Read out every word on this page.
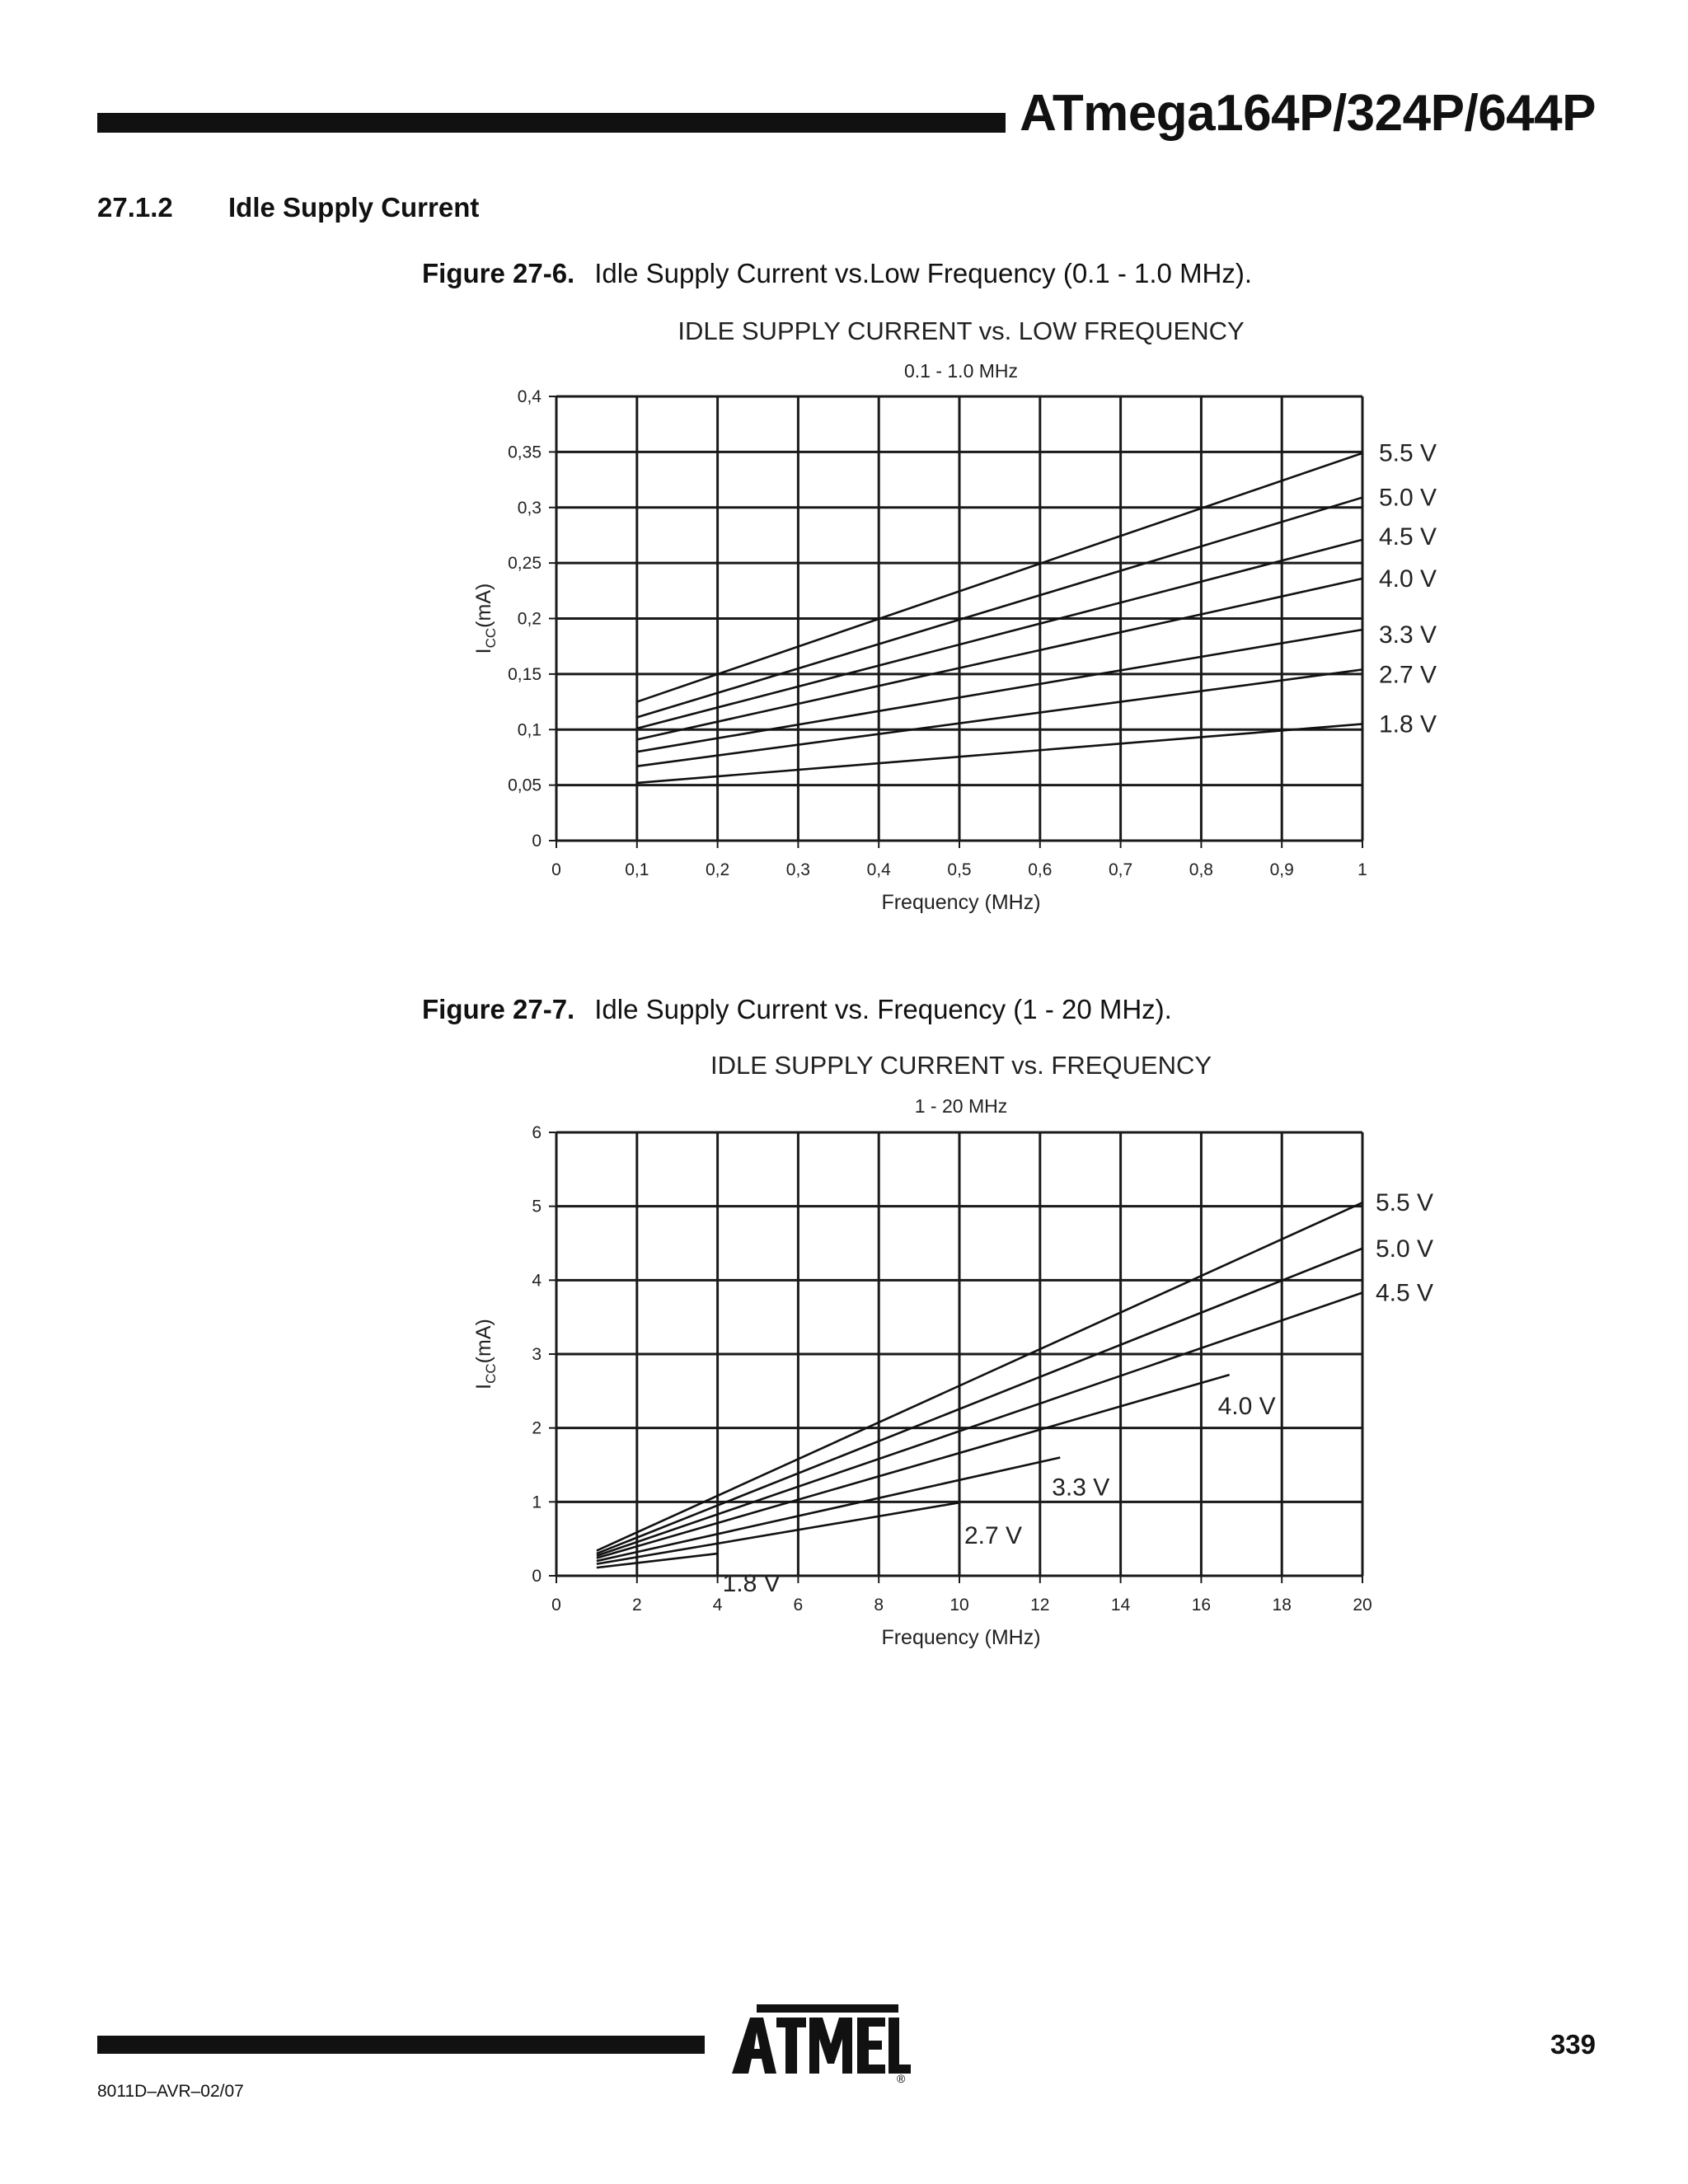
ATmega164P/324P/644P
27.1.2 Idle Supply Current
Figure 27-6. Idle Supply Current vs.Low Frequency (0.1 - 1.0 MHz).
IDLE SUPPLY CURRENT vs. LOW FREQUENCY
0.1 - 1.0 MHz
0	0,1	0,2	0,3	0,4	0,5	0,6	0,7	0,8	0,9	1
0
0,05
0,1
0,15
0,2
0,25
0,3
0,35
0,4
Frequency (MHz)
$I_{CC}(mA)$
5.5 V
5.0 V
4.5 V
4.0 V
3.3 V
2.7 V
1.8 V
Figure 27-7. Idle Supply Current vs. Frequency (1 - 20 MHz).
IDLE SUPPLY CURRENT vs. FREQUENCY
1 - 20 MHz
0	2	4	6	8	10	12	14	16	18	20
0
1
2
3
4
5
6
Frequency (MHz)
$I_{CC}(mA)$
5.5 V
5.0 V
4.5 V
4.0 V
3.3 V
2.7 V
1.8 V
8011D–AVR–02/07
339
®
